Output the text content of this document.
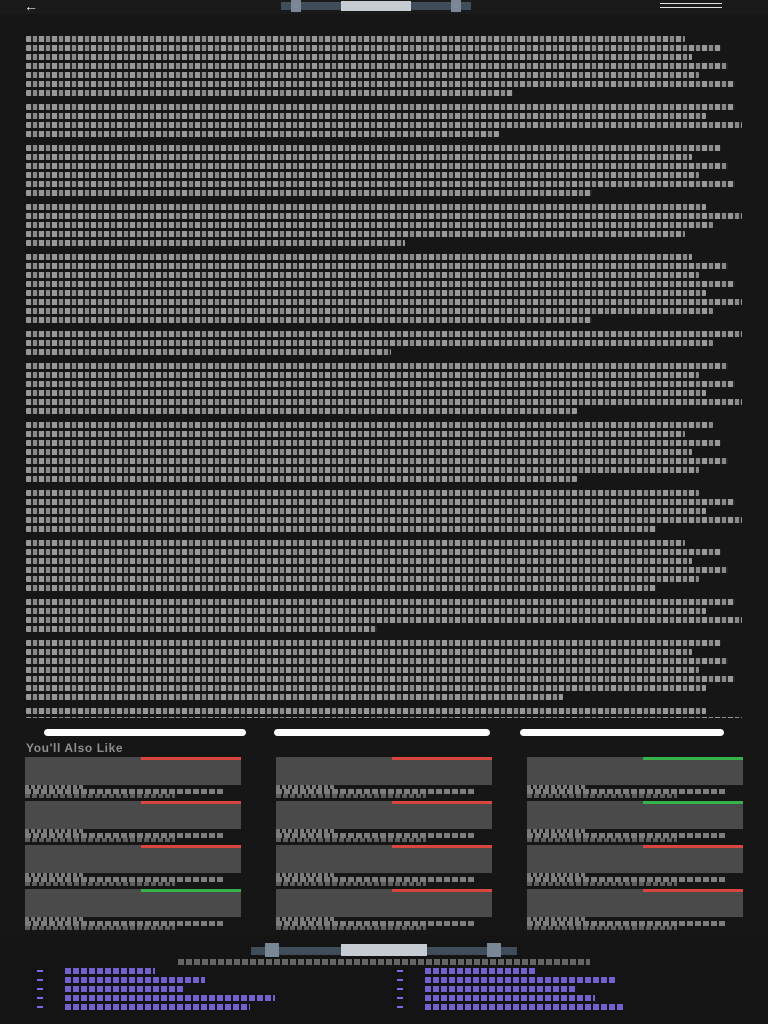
←
You'll Also Like
